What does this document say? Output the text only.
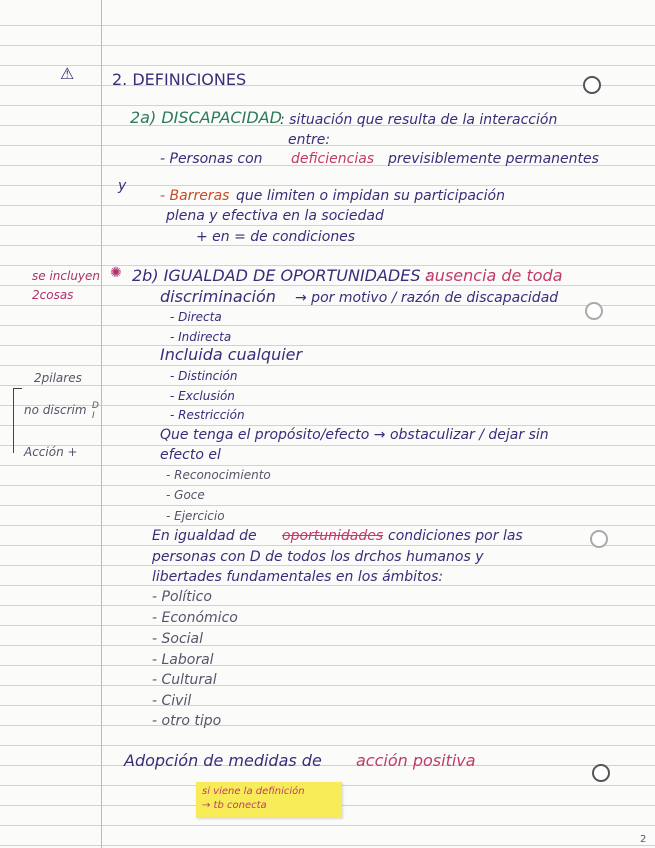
⚠ 2. DEFINICIONES
2a) DISCAPACIDAD
: situación que resulta de la interacción
entre:
- Personas con deficiencias previsiblemente permanentes
y
- Barreras que limiten o impidan su participación
plena y efectiva en la sociedad
+ en = de condiciones
se incluyen
2cosas
2pilares
no discrim D
I
Acción +
✺ 2b) IGUALDAD DE OPORTUNIDADES :
ausencia de toda
discriminación → por motivo / razón de discapacidad
- Directa
- Indirecta
Incluida cualquier
- Distinción
- Exclusión
- Restricción
Que tenga el propósito/efecto → obstaculizar / dejar sin
efecto el
- Reconocimiento
- Goce
- Ejercicio
En igualdad de oportunidades condiciones por las
personas con D de todos los drchos humanos y
libertades fundamentales en los ámbitos:
- Político
- Económico
- Social
- Laboral
- Cultural
- Civil
- otro tipo
Adopción de medidas de acción positiva
si viene la definición
→ tb conecta
2
